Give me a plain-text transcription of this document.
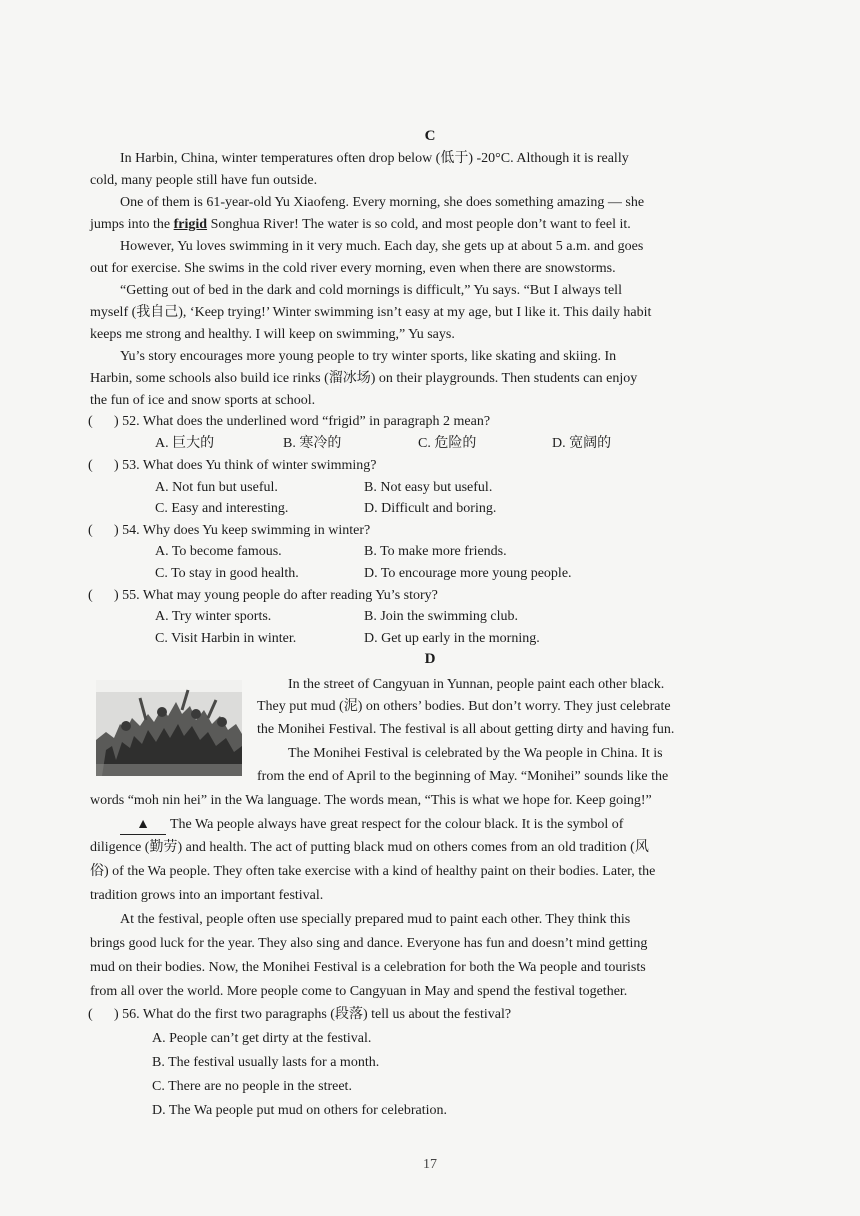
C
In Harbin, China, winter temperatures often drop below (低于) -20°C. Although it is really
cold, many people still have fun outside.
One of them is 61-year-old Yu Xiaofeng. Every morning, she does something amazing — she
jumps into the frigid Songhua River! The water is so cold, and most people don’t want to feel it.
However, Yu loves swimming in it very much. Each day, she gets up at about 5 a.m. and goes
out for exercise. She swims in the cold river every morning, even when there are snowstorms.
“Getting out of bed in the dark and cold mornings is difficult,” Yu says. “But I always tell
myself (我自己), ‘Keep trying!’ Winter swimming isn’t easy at my age, but I like it. This daily habit
keeps me strong and healthy. I will keep on swimming,” Yu says.
Yu’s story encourages more young people to try winter sports, like skating and skiing. In
Harbin, some schools also build ice rinks (溜冰场) on their playgrounds. Then students can enjoy
the fun of ice and snow sports at school.
( ) 52. What does the underlined word “frigid” in paragraph 2 mean?
A. 巨大的	B. 寒冷的	C. 危险的	D. 宽阔的
( ) 53. What does Yu think of winter swimming?
A. Not fun but useful.	B. Not easy but useful.
C. Easy and interesting.	D. Difficult and boring.
( ) 54. Why does Yu keep swimming in winter?
A. To become famous.	B. To make more friends.
C. To stay in good health.	D. To encourage more young people.
( ) 55. What may young people do after reading Yu’s story?
A. Try winter sports.	B. Join the swimming club.
C. Visit Harbin in winter.	D. Get up early in the morning.
D
In the street of Cangyuan in Yunnan, people paint each other black.
They put mud (泥) on others’ bodies. But don’t worry. They just celebrate
the Monihei Festival. The festival is all about getting dirty and having fun.
The Monihei Festival is celebrated by the Wa people in China. It is
from the end of April to the beginning of May. “Monihei” sounds like the
words “moh nin hei” in the Wa language. The words mean, “This is what we hope for. Keep going!”
▲ The Wa people always have great respect for the colour black. It is the symbol of
diligence (勤劳) and health. The act of putting black mud on others comes from an old tradition (风
俗) of the Wa people. They often take exercise with a kind of healthy paint on their bodies. Later, the
tradition grows into an important festival.
At the festival, people often use specially prepared mud to paint each other. They think this
brings good luck for the year. They also sing and dance. Everyone has fun and doesn’t mind getting
mud on their bodies. Now, the Monihei Festival is a celebration for both the Wa people and tourists
from all over the world. More people come to Cangyuan in May and spend the festival together.
( ) 56. What do the first two paragraphs (段落) tell us about the festival?
A. People can’t get dirty at the festival.
B. The festival usually lasts for a month.
C. There are no people in the street.
D. The Wa people put mud on others for celebration.
17
